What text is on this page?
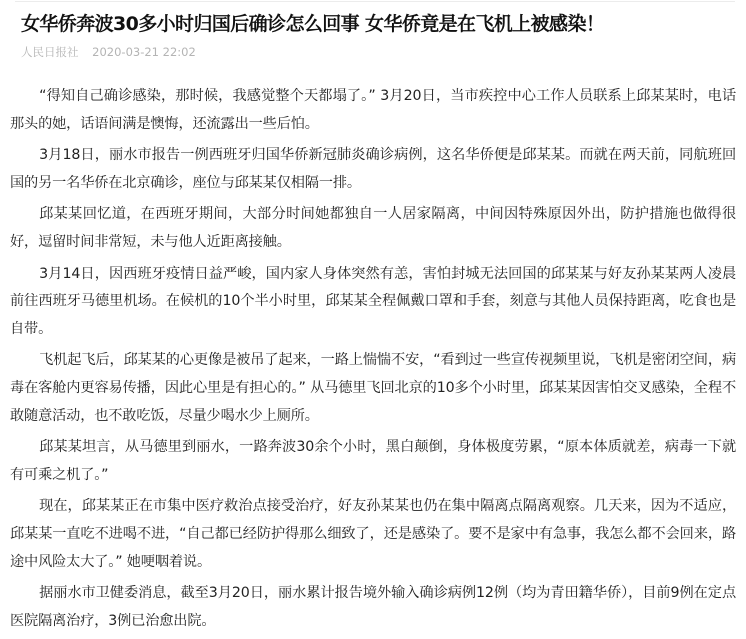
女华侨奔波30多小时归国后确诊怎么回事 女华侨竟是在飞机上被感染！
人民日报社 2020-03-21 22:02

“得知自己确诊感染，那时候，我感觉整个天都塌了。” 3月20日，当市疾控中心工作人员联系上邱某某时，电话那头的她，话语间满是懊悔，还流露出一些后怕。

3月18日，丽水市报告一例西班牙归国华侨新冠肺炎确诊病例，这名华侨便是邱某某。而就在两天前，同航班回国的另一名华侨在北京确诊，座位与邱某某仅相隔一排。

邱某某回忆道，在西班牙期间，大部分时间她都独自一人居家隔离，中间因特殊原因外出，防护措施也做得很好，逗留时间非常短，未与他人近距离接触。

3月14日，因西班牙疫情日益严峻，国内家人身体突然有恙，害怕封城无法回国的邱某某与好友孙某某两人凌晨前往西班牙马德里机场。在候机的10个半小时里，邱某某全程佩戴口罩和手套，刻意与其他人员保持距离，吃食也是自带。

飞机起飞后，邱某某的心更像是被吊了起来，一路上惴惴不安，“看到过一些宣传视频里说，飞机是密闭空间，病毒在客舱内更容易传播，因此心里是有担心的。” 从马德里飞回北京的10多个小时里，邱某某因害怕交叉感染，全程不敢随意活动，也不敢吃饭，尽量少喝水少上厕所。

邱某某坦言，从马德里到丽水，一路奔波30余个小时，黑白颠倒，身体极度劳累，“原本体质就差，病毒一下就有可乘之机了。”

现在，邱某某正在市集中医疗救治点接受治疗，好友孙某某也仍在集中隔离点隔离观察。几天来，因为不适应，邱某某一直吃不进喝不进，“自己都已经防护得那么细致了，还是感染了。要不是家中有急事，我怎么都不会回来，路途中风险太大了。” 她哽咽着说。

据丽水市卫健委消息，截至3月20日，丽水累计报告境外输入确诊病例12例（均为青田籍华侨），目前9例在定点医院隔离治疗，3例已治愈出院。
